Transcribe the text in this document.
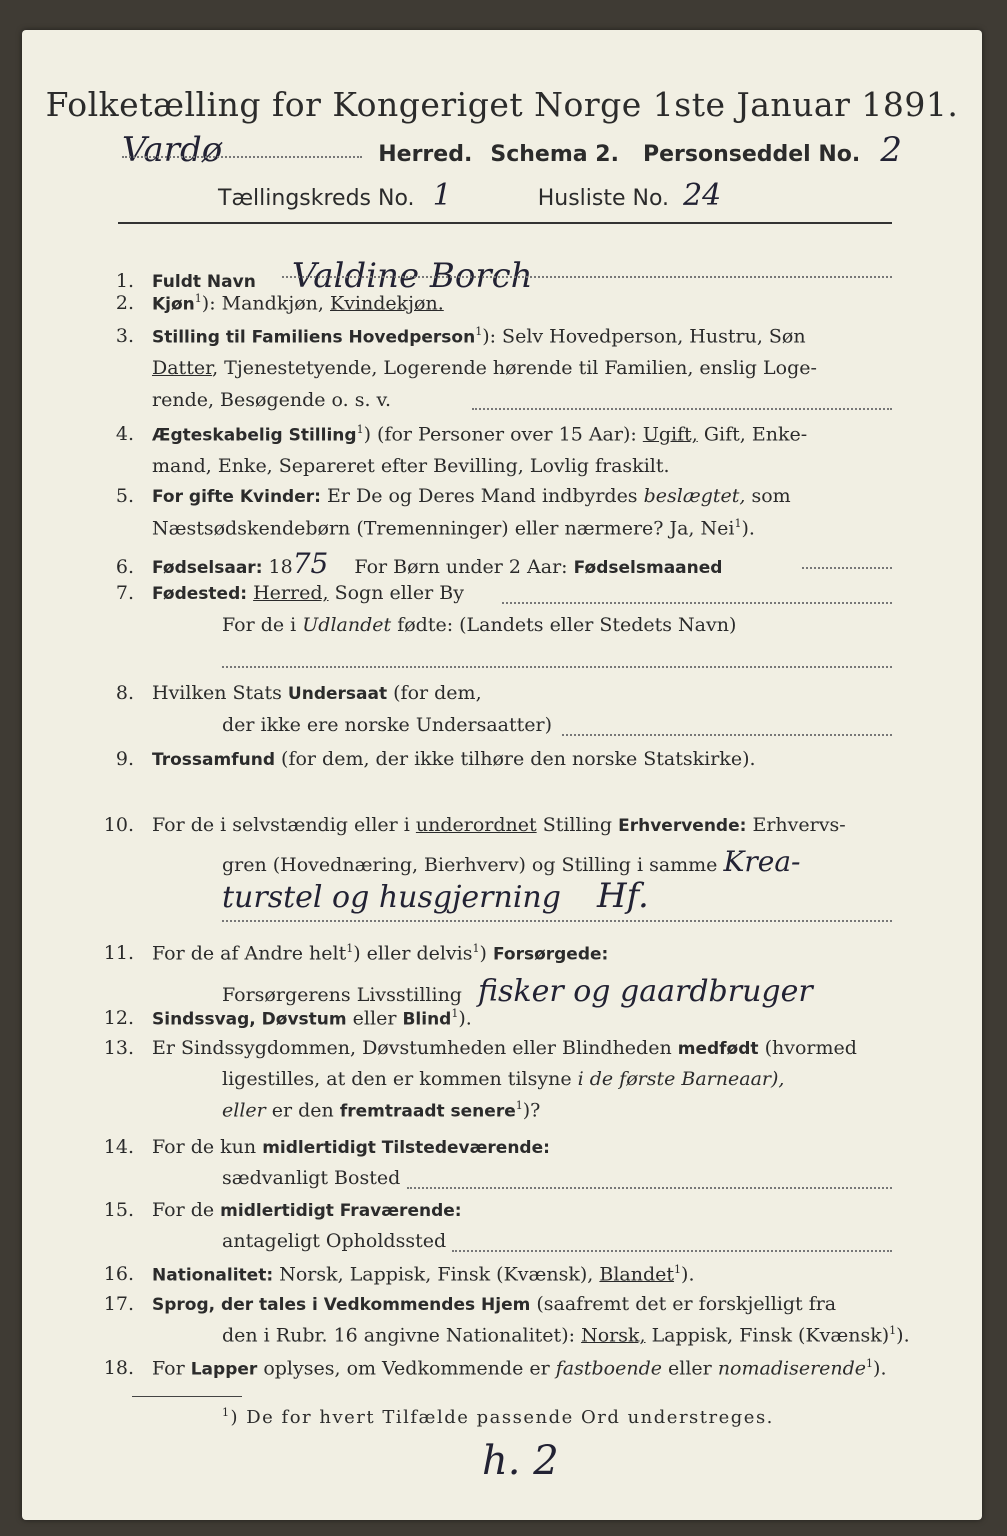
Folketælling for Kongeriget Norge 1ste Januar 1891.
Vardø	Herred. Schema 2. Personseddel No. 2
Tællingskreds No. 1	Husliste No. 24
1. Fuldt Navn Valdine Borch
2. Kjøn$^1$): Mandkjøn, Kvindekjøn.
3. Stilling til Familiens Hovedperson$^1$): Selv Hovedperson, Hustru, Søn
Datter, Tjenestetyende, Logerende hørende til Familien, enslig Loge-
rende, Besøgende o. s. v.
4. Ægteskabelig Stilling$^1$) (for Personer over 15 Aar): Ugift, Gift, Enke-
mand, Enke, Separeret efter Bevilling, Lovlig fraskilt.
5. For gifte Kvinder: Er De og Deres Mand indbyrdes beslægtet, som
Næstsødskendebørn (Tremenninger) eller nærmere? Ja, Nei$^1$).
6. Fødselsaar: 1875 For Børn under 2 Aar: Fødselsmaaned
7. Fødested: Herred, Sogn eller By
For de i Udlandet fødte: (Landets eller Stedets Navn)
8. Hvilken Stats Undersaat (for dem,
der ikke ere norske Undersaatter)
9. Trossamfund (for dem, der ikke tilhøre den norske Statskirke).
10. For de i selvstændig eller i underordnet Stilling Erhvervende: Erhvervs-
gren (Hovednæring, Bierhverv) og Stilling i samme Krea-
turstel og husgjerning Hf.
11. For de af Andre helt$^1$) eller delvis$^1$) Forsørgede:
Forsørgerens Livsstilling fisker og gaardbruger
12. Sindssvag, Døvstum eller Blind$^1$).
13. Er Sindssygdommen, Døvstumheden eller Blindheden medfødt (hvormed
ligestilles, at den er kommen tilsyne i de første Barneaar),
eller er den fremtraadt senere$^1$)?
14. For de kun midlertidigt Tilstedeværende:
sædvanligt Bosted
15. For de midlertidigt Fraværende:
antageligt Opholdssted
16. Nationalitet: Norsk, Lappisk, Finsk (Kvænsk), Blandet$^1$).
17. Sprog, der tales i Vedkommendes Hjem (saafremt det er forskjelligt fra
den i Rubr. 16 angivne Nationalitet): Norsk, Lappisk, Finsk (Kvænsk)$^1$).
18. For Lapper oplyses, om Vedkommende er fastboende eller nomadiserende$^1$).
$^1$) De for hvert Tilfælde passende Ord understreges.
h. 2
